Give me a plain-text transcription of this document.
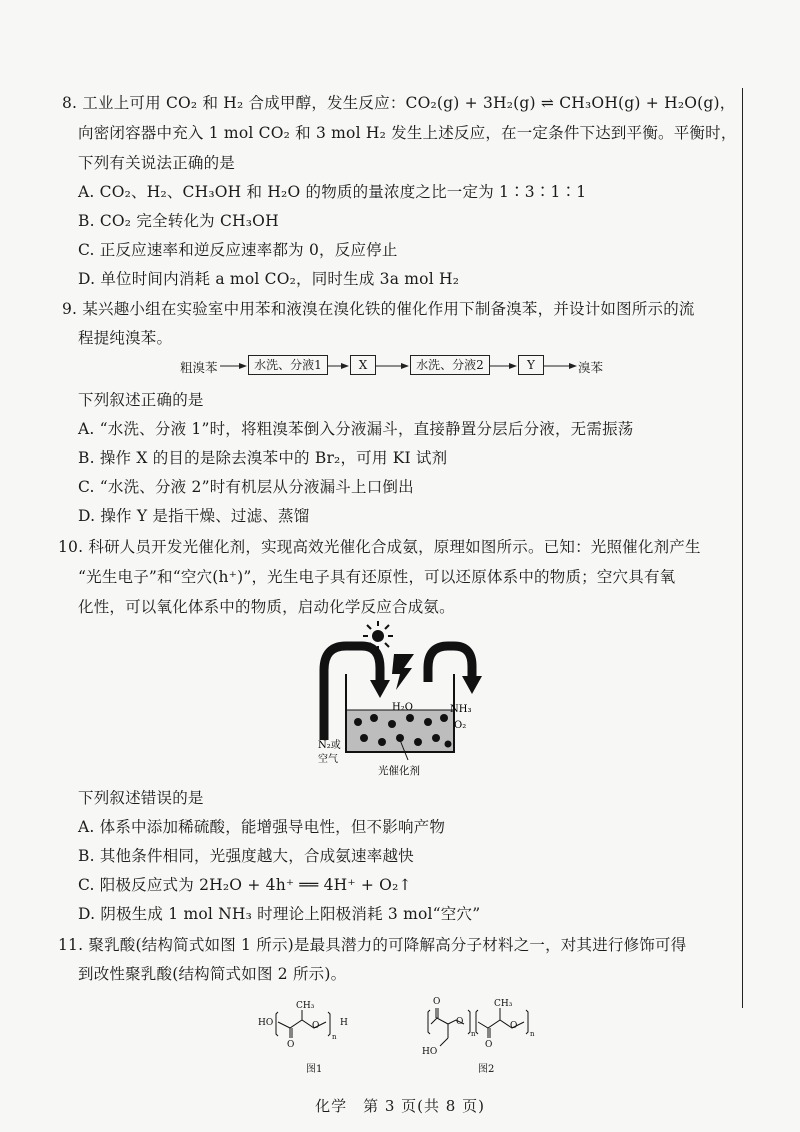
8. 工业上可用 CO₂ 和 H₂ 合成甲醇，发生反应：CO₂(g) + 3H₂(g) ⇌ CH₃OH(g) + H₂O(g)，
向密闭容器中充入 1 mol CO₂ 和 3 mol H₂ 发生上述反应，在一定条件下达到平衡。平衡时，
下列有关说法正确的是
A. CO₂、H₂、CH₃OH 和 H₂O 的物质的量浓度之比一定为 1∶3∶1∶1
B. CO₂ 完全转化为 CH₃OH
C. 正反应速率和逆反应速率都为 0，反应停止
D. 单位时间内消耗 a mol CO₂，同时生成 3a mol H₂
9. 某兴趣小组在实验室中用苯和液溴在溴化铁的催化作用下制备溴苯，并设计如图所示的流
程提纯溴苯。
粗溴苯	水洗、分液1	X	水洗、分液2	Y	溴苯
下列叙述正确的是
A. “水洗、分液 1”时，将粗溴苯倒入分液漏斗，直接静置分层后分液，无需振荡
B. 操作 X 的目的是除去溴苯中的 Br₂，可用 KI 试剂
C. “水洗、分液 2”时有机层从分液漏斗上口倒出
D. 操作 Y 是指干燥、过滤、蒸馏
10. 科研人员开发光催化剂，实现高效光催化合成氨，原理如图所示。已知：光照催化剂产生
“光生电子”和“空穴(h⁺)”，光生电子具有还原性，可以还原体系中的物质；空穴具有氧
化性，可以氧化体系中的物质，启动化学反应合成氨。
H₂O	NH₃
O₂
N₂或
空气
光催化剂
下列叙述错误的是
A. 体系中添加稀硫酸，能增强导电性，但不影响产物
B. 其他条件相同，光强度越大，合成氨速率越快
C. 阳极反应式为 2H₂O + 4h⁺ ══ 4H⁺ + O₂↑
D. 阴极生成 1 mol NH₃ 时理论上阳极消耗 3 mol“空穴”
11. 聚乳酸(结构简式如图 1 所示)是最具潜力的可降解高分子材料之一，对其进行修饰可得
到改性聚乳酸(结构简式如图 2 所示)。
HO
CH₃
O
O
n
H
图1
O
HO
O
n
O
CH₃
O
n
图2
化学　第 3 页(共 8 页)
